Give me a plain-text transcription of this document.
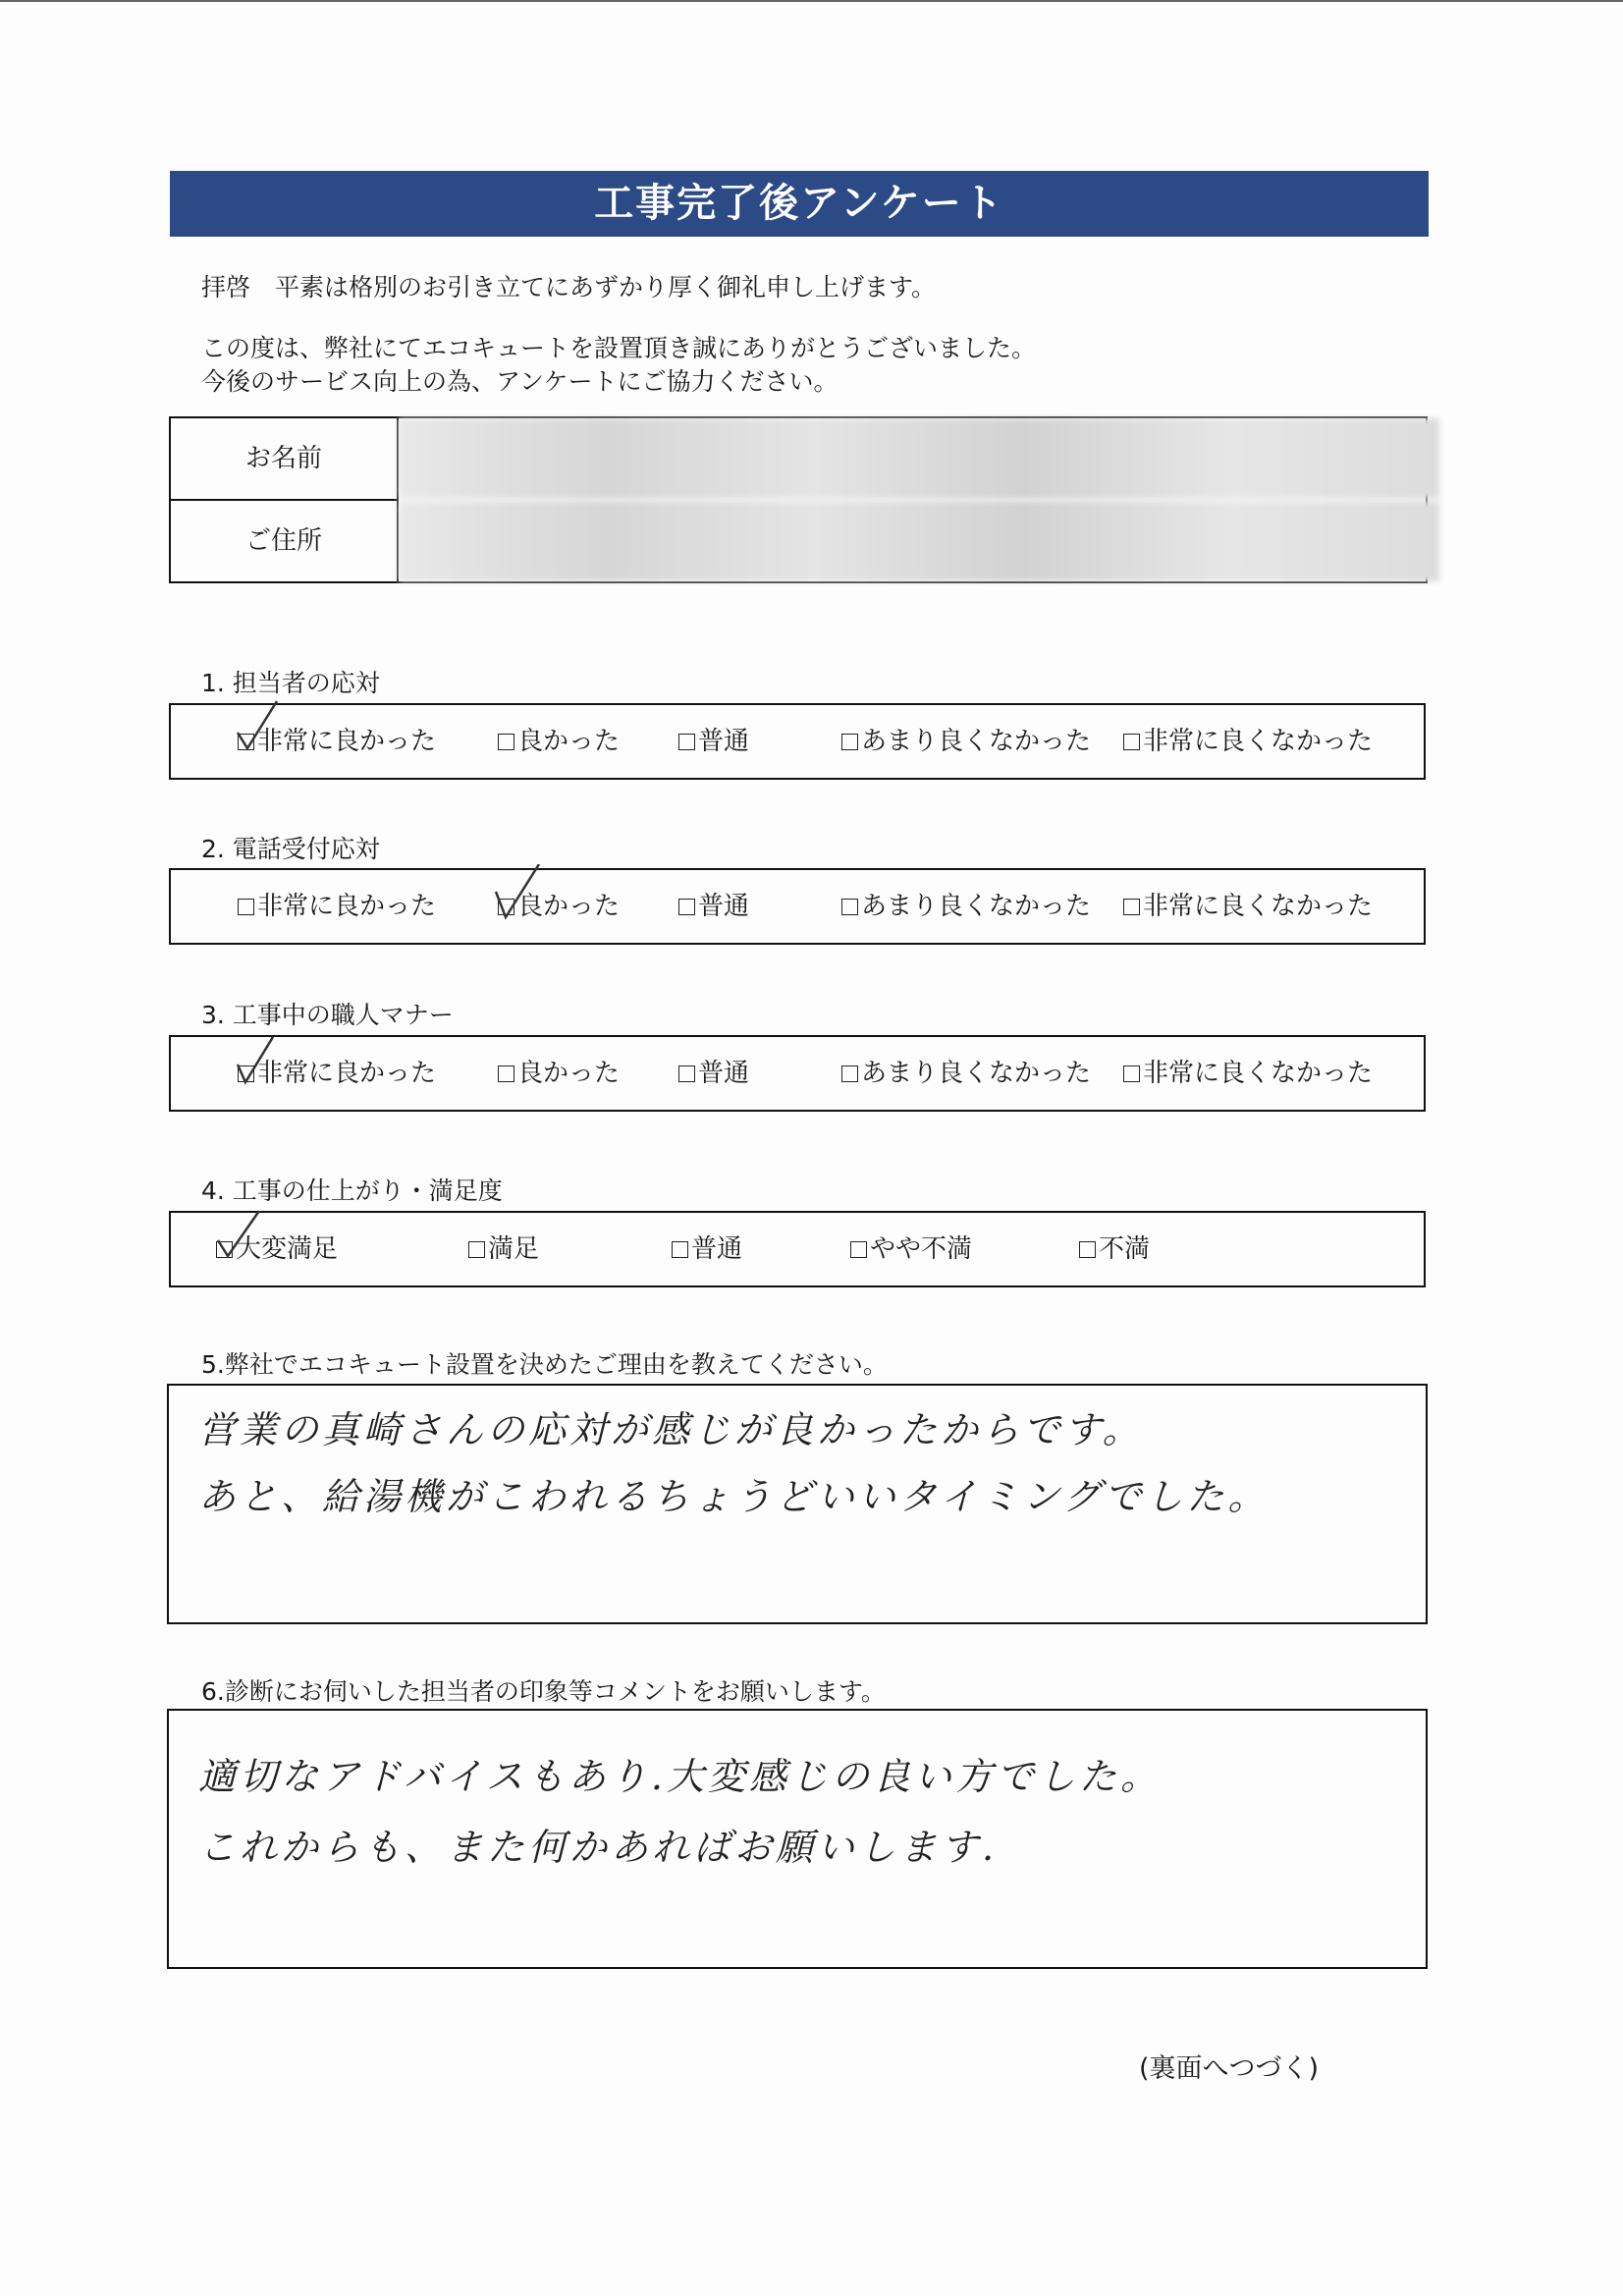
工事完了後アンケート
拝啓　平素は格別のお引き立てにあずかり厚く御礼申し上げます。
この度は、弊社にてエコキュートを設置頂き誠にありがとうございました。
今後のサービス向上の為、アンケートにご協力ください。
お名前
ご住所
1. 担当者の応対
非常に良かった	良かった	普通	あまり良くなかった	非常に良くなかった
2. 電話受付応対
非常に良かった	良かった	普通	あまり良くなかった	非常に良くなかった
3. 工事中の職人マナー
非常に良かった	良かった	普通	あまり良くなかった	非常に良くなかった
4. 工事の仕上がり・満足度
大変満足	満足	普通	やや不満	不満
5.弊社でエコキュート設置を決めたご理由を教えてください。
営業の真崎さんの応対が感じが良かったからです。
あと、給湯機がこわれるちょうどいいタイミングでした。
6.診断にお伺いした担当者の印象等コメントをお願いします。
適切なアドバイスもあり.大変感じの良い方でした。
これからも、また何かあればお願いします.
(裏面へつづく)
